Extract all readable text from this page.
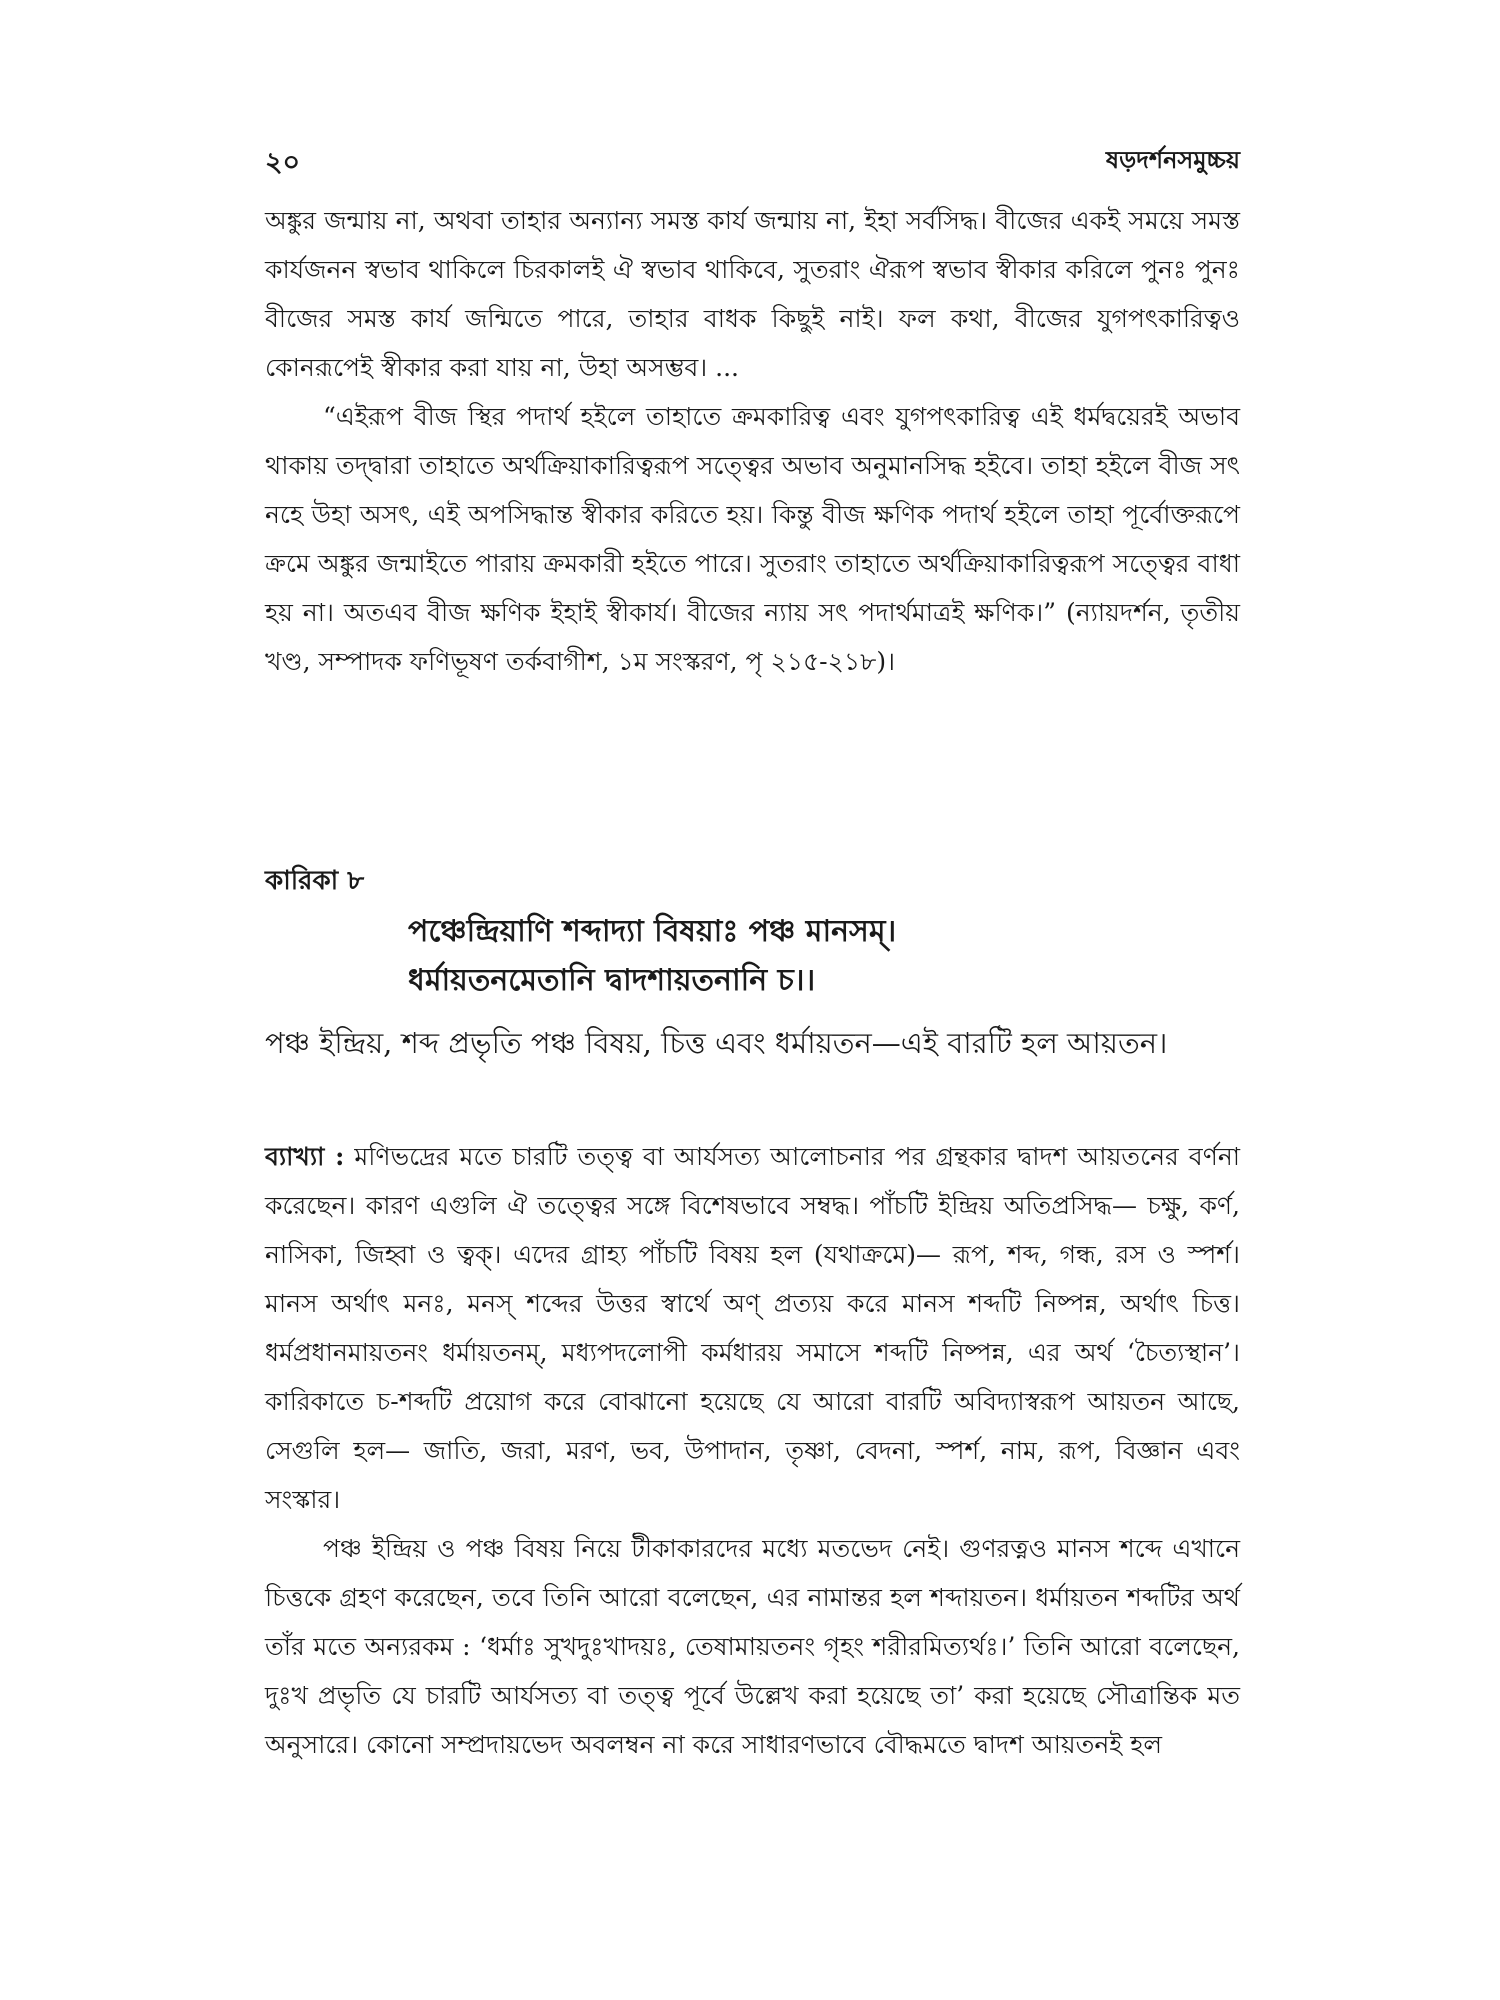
২০	ষড়দর্শনসমুচ্চয়

অঙ্কুর জন্মায় না, অথবা তাহার অন্যান্য সমস্ত কার্য জন্মায় না, ইহা সর্বসিদ্ধ। বীজের একই সময়ে সমস্ত কার্যজনন স্বভাব থাকিলে চিরকালই ঐ স্বভাব থাকিবে, সুতরাং ঐরূপ স্বভাব স্বীকার করিলে পুনঃ পুনঃ বীজের সমস্ত কার্য জন্মিতে পারে, তাহার বাধক কিছুই নাই। ফল কথা, বীজের যুগপৎকারিত্বও কোনরূপেই স্বীকার করা যায় না, উহা অসম্ভব। ...

“এইরূপ বীজ স্থির পদার্থ হইলে তাহাতে ক্রমকারিত্ব এবং যুগপৎকারিত্ব এই ধর্মদ্বয়েরই অভাব থাকায় তদ্দ্বারা তাহাতে অর্থক্রিয়াকারিত্বরূপ সত্ত্বের অভাব অনুমানসিদ্ধ হইবে। তাহা হইলে বীজ সৎ নহে উহা অসৎ, এই অপসিদ্ধান্ত স্বীকার করিতে হয়। কিন্তু বীজ ক্ষণিক পদার্থ হইলে তাহা পূর্বোক্তরূপে ক্রমে অঙ্কুর জন্মাইতে পারায় ক্রমকারী হইতে পারে। সুতরাং তাহাতে অর্থক্রিয়াকারিত্বরূপ সত্ত্বের বাধা হয় না। অতএব বীজ ক্ষণিক ইহাই স্বীকার্য। বীজের ন্যায় সৎ পদার্থমাত্রই ক্ষণিক।” (ন্যায়দর্শন, তৃতীয় খণ্ড, সম্পাদক ফণিভূষণ তর্কবাগীশ, ১ম সংস্করণ, পৃ ২১৫-২১৮)।

কারিকা ৮
পঞ্চেন্দ্রিয়াণি শব্দাদ্যা বিষয়াঃ পঞ্চ মানসম্।
ধর্মায়তনমেতানি দ্বাদশায়তনানি চ।।

পঞ্চ ইন্দ্রিয়, শব্দ প্রভৃতি পঞ্চ বিষয়, চিত্ত এবং ধর্মায়তন—এই বারটি হল আয়তন।

ব্যাখ্যা : মণিভদ্রের মতে চারটি তত্ত্ব বা আর্যসত্য আলোচনার পর গ্রন্থকার দ্বাদশ আয়তনের বর্ণনা করেছেন। কারণ এগুলি ঐ তত্ত্বের সঙ্গে বিশেষভাবে সম্বদ্ধ। পাঁচটি ইন্দ্রিয় অতিপ্রসিদ্ধ— চক্ষু, কর্ণ, নাসিকা, জিহ্বা ও ত্বক্। এদের গ্রাহ্য পাঁচটি বিষয় হল (যথাক্রমে)— রূপ, শব্দ, গন্ধ, রস ও স্পর্শ। মানস অর্থাৎ মনঃ, মনস্ শব্দের উত্তর স্বার্থে অণ্ প্রত্যয় করে মানস শব্দটি নিষ্পন্ন, অর্থাৎ চিত্ত। ধর্মপ্রধানমায়তনং ধর্মায়তনম্, মধ্যপদলোপী কর্মধারয় সমাসে শব্দটি নিষ্পন্ন, এর অর্থ ‘চৈত্যস্থান’। কারিকাতে চ-শব্দটি প্রয়োগ করে বোঝানো হয়েছে যে আরো বারটি অবিদ্যাস্বরূপ আয়তন আছে, সেগুলি হল— জাতি, জরা, মরণ, ভব, উপাদান, তৃষ্ণা, বেদনা, স্পর্শ, নাম, রূপ, বিজ্ঞান এবং সংস্কার।

পঞ্চ ইন্দ্রিয় ও পঞ্চ বিষয় নিয়ে টীকাকারদের মধ্যে মতভেদ নেই। গুণরত্নও মানস শব্দে এখানে চিত্তকে গ্রহণ করেছেন, তবে তিনি আরো বলেছেন, এর নামান্তর হল শব্দায়তন। ধর্মায়তন শব্দটির অর্থ তাঁর মতে অন্যরকম : ‘ধর্মাঃ সুখদুঃখাদয়ঃ, তেষামায়তনং গৃহং শরীরমিত্যর্থঃ।’ তিনি আরো বলেছেন, দুঃখ প্রভৃতি যে চারটি আর্যসত্য বা তত্ত্ব পূর্বে উল্লেখ করা হয়েছে তা’ করা হয়েছে সৌত্রান্তিক মত অনুসারে। কোনো সম্প্রদায়ভেদ অবলম্বন না করে সাধারণভাবে বৌদ্ধমতে দ্বাদশ আয়তনই হল
